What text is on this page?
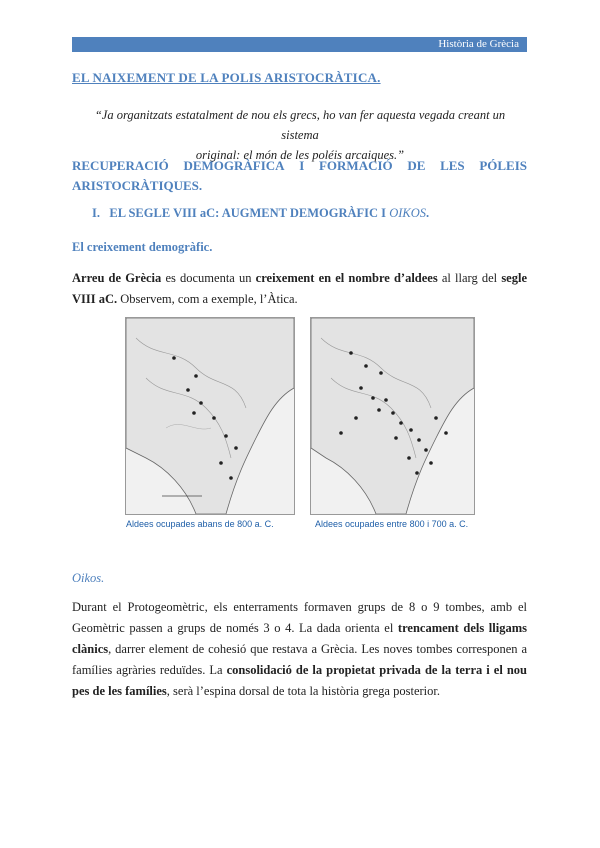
Història de Grècia
EL NAIXEMENT DE LA POLIS ARISTOCRÀTICA.
“Ja organitzats estatalment de nou els grecs, ho van fer aquesta vegada creant un sistema
original: el món de les poléis arcaiques.”
RECUPERACIÓ DEMOGRÀFICA I FORMACIÓ DE LES PÓLEIS
ARISTOCRÀTIQUES.
I. EL SEGLE VIII aC: AUGMENT DEMOGRÀFIC I OIKOS.
El creixement demogràfic.
Arreu de Grècia es documenta un creixement en el nombre d’aldees al llarg del segle VIII aC. Observem, com a exemple, l’Àtica.
Aldees ocupades abans de 800 a. C.	Aldees ocupades entre 800 i 700 a. C.
Oikos.
Durant el Protogeomètric, els enterraments formaven grups de 8 o 9 tombes, amb el Geomètric passen a grups de només 3 o 4. La dada orienta el trencament dels lligams clànics, darrer element de cohesió que restava a Grècia. Les noves tombes corresponen a famílies agràries reduïdes. La consolidació de la propietat privada de la terra i el nou pes de les famílies, serà l’espina dorsal de tota la història grega posterior.
